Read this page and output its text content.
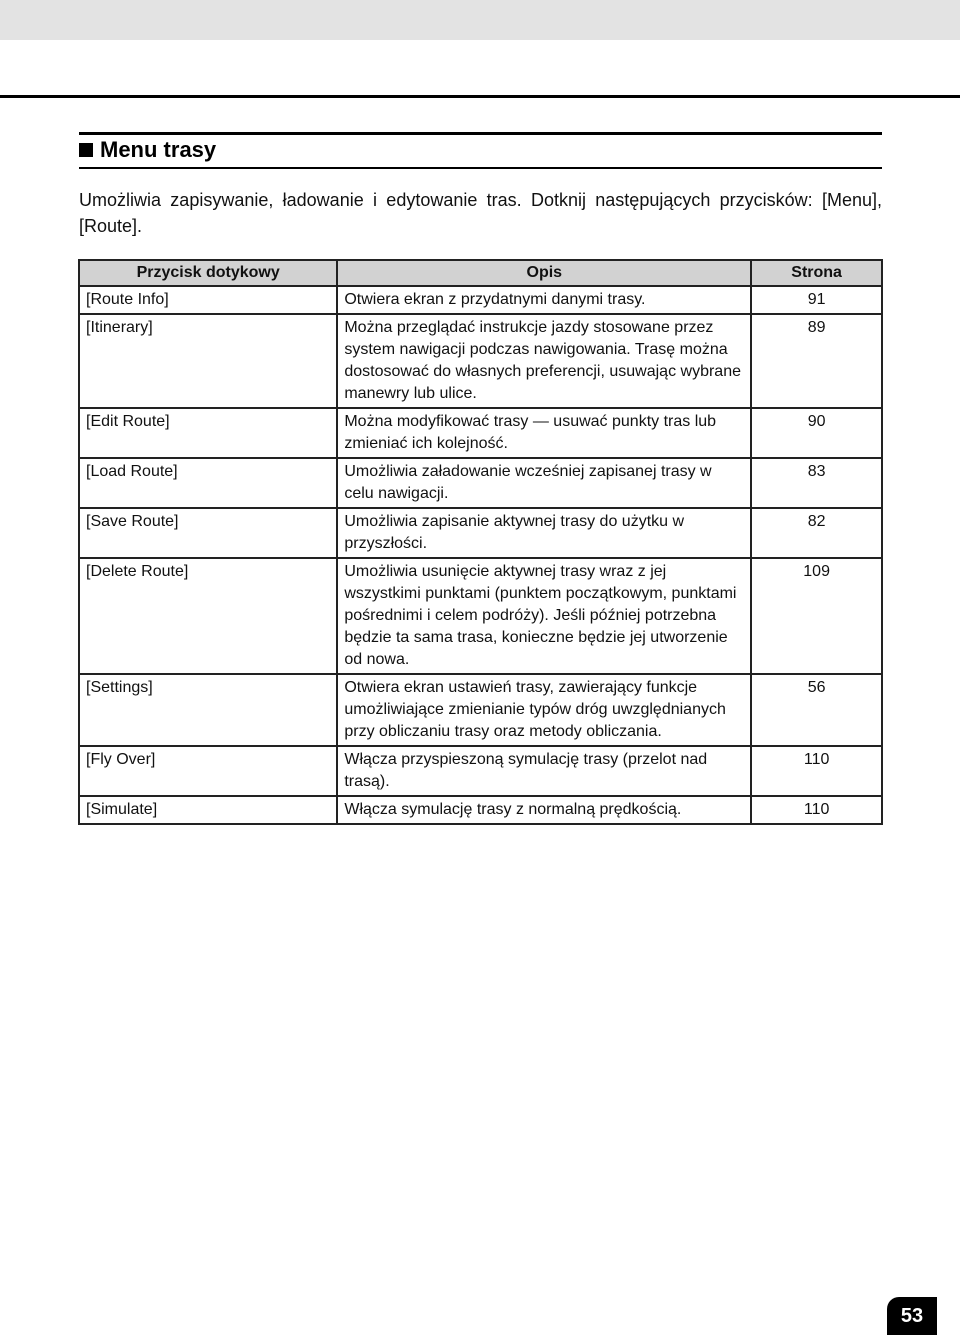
Menu trasy

Umożliwia zapisywanie, ładowanie i edytowanie tras. Dotknij następujących przycisków: [Menu], [Route].

Przycisk dotykowy	Opis	Strona
[Route Info]	Otwiera ekran z przydatnymi danymi trasy.	91
[Itinerary]	Można przeglądać instrukcje jazdy stosowane przez system nawigacji podczas nawigowania. Trasę można dostosować do własnych preferencji, usuwając wybrane manewry lub ulice.	89
[Edit Route]	Można modyfikować trasy — usuwać punkty tras lub zmieniać ich kolejność.	90
[Load Route]	Umożliwia załadowanie wcześniej zapisanej trasy w celu nawigacji.	83
[Save Route]	Umożliwia zapisanie aktywnej trasy do użytku w przyszłości.	82
[Delete Route]	Umożliwia usunięcie aktywnej trasy wraz z jej wszystkimi punktami (punktem początkowym, punktami pośrednimi i celem podróży). Jeśli później potrzebna będzie ta sama trasa, konieczne będzie jej utworzenie od nowa.	109
[Settings]	Otwiera ekran ustawień trasy, zawierający funkcje umożliwiające zmienianie typów dróg uwzględnianych przy obliczaniu trasy oraz metody obliczania.	56
[Fly Over]	Włącza przyspieszoną symulację trasy (przelot nad trasą).	110
[Simulate]	Włącza symulację trasy z normalną prędkością.	110
53
